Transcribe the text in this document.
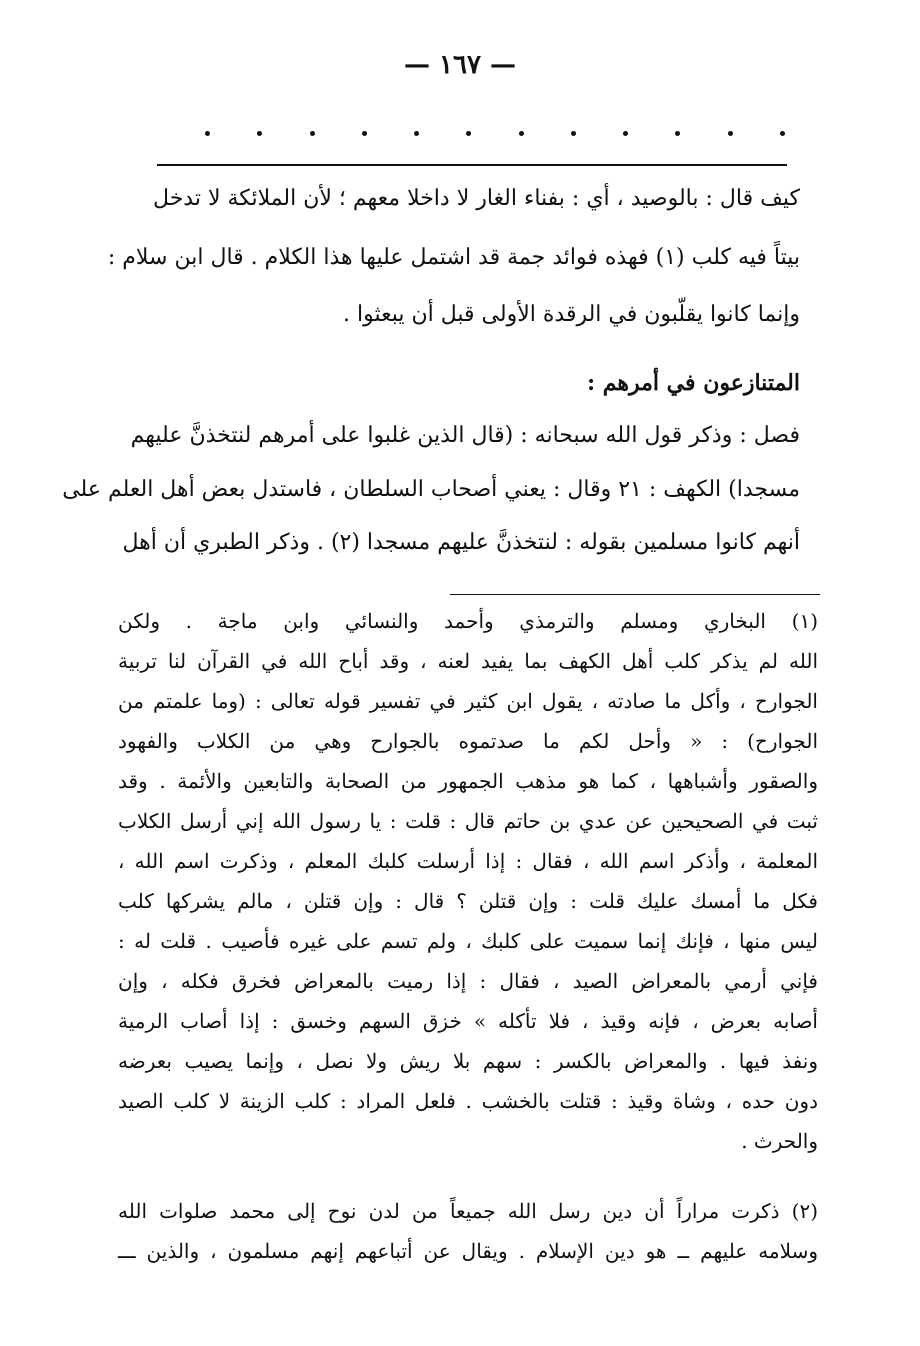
— ١٦٧ —
كيف قال : بالوصيد ، أي : بفناء الغار لا داخلا معهم ؛ لأن الملائكة لا تدخل
بيتاً فيه كلب (١) فهذه فوائد جمة قد اشتمل عليها هذا الكلام . قال ابن سلام :
وإنما كانوا يقلّبون في الرقدة الأولى قبل أن يبعثوا .
المتنازعون في أمرهم :
فصل : وذكر قول الله سبحانه : (قال الذين غلبوا على أمرهم لنتخذنَّ عليهم
مسجدا) الكهف : ٢١ وقال : يعني أصحاب السلطان ، فاستدل بعض أهل العلم على
أنهم كانوا مسلمين بقوله : لنتخذنَّ عليهم مسجدا (٢) . وذكر الطبري أن أهل
(١) البخاري ومسلم والترمذي وأحمد والنسائي وابن ماجة . ولكن
الله لم يذكر كلب أهل الكهف بما يفيد لعنه ، وقد أباح الله في القرآن لنا تربية
الجوارح ، وأكل ما صادته ، يقول ابن كثير في تفسير قوله تعالى : (وما علمتم من
الجوارح) : « وأحل لكم ما صدتموه بالجوارح وهي من الكلاب والفهود
والصقور وأشباهها ، كما هو مذهب الجمهور من الصحابة والتابعين والأئمة . وقد
ثبت في الصحيحين عن عدي بن حاتم قال : قلت : يا رسول الله إني أرسل الكلاب
المعلمة ، وأذكر اسم الله ، فقال : إذا أرسلت كلبك المعلم ، وذكرت اسم الله ،
فكل ما أمسك عليك قلت : وإن قتلن ؟ قال : وإن قتلن ، مالم يشركها كلب
ليس منها ، فإنك إنما سميت على كلبك ، ولم تسم على غيره فأصيب . قلت له :
فإني أرمي بالمعراض الصيد ، فقال : إذا رميت بالمعراض فخرق فكله ، وإن
أصابه بعرض ، فإنه وقيذ ، فلا تأكله » خزق السهم وخسق : إذا أصاب الرمية
ونفذ فيها . والمعراض بالكسر : سهم بلا ريش ولا نصل ، وإنما يصيب بعرضه
دون حده ، وشاة وقيذ : قتلت بالخشب . فلعل المراد : كلب الزينة لا كلب الصيد
والحرث .
(٢) ذكرت مراراً أن دين رسل الله جميعاً من لدن نوح إلى محمد صلوات الله
وسلامه عليهم ــ هو دين الإسلام . ويقال عن أتباعهم إنهم مسلمون ، والذين ـــ
